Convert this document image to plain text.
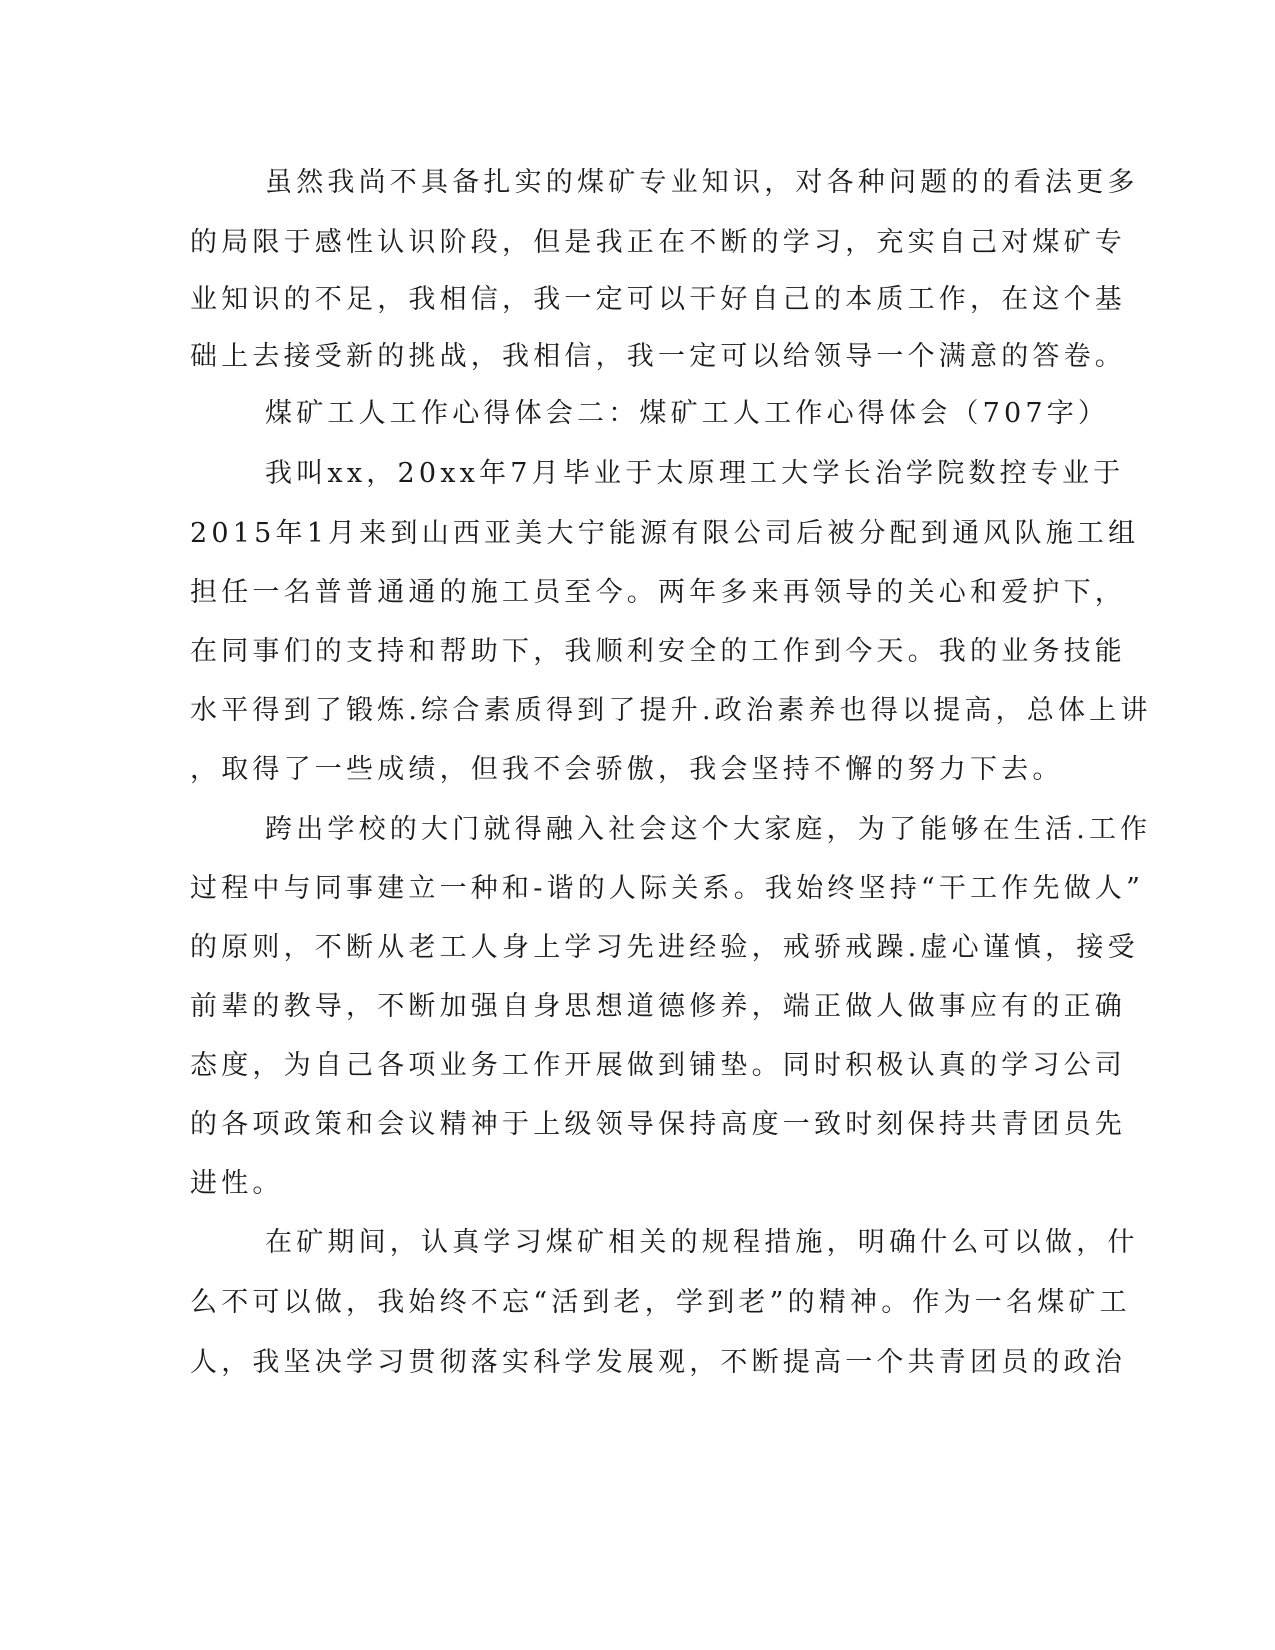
虽然我尚不具备扎实的煤矿专业知识，对各种问题的的看法更多

的局限于感性认识阶段，但是我正在不断的学习，充实自己对煤矿专

业知识的不足，我相信，我一定可以干好自己的本质工作，在这个基

础上去接受新的挑战，我相信，我一定可以给领导一个满意的答卷。

煤矿工人工作心得体会二：煤矿工人工作心得体会（707字）

我叫xx，20xx年7月毕业于太原理工大学长治学院数控专业于

2015年1月来到山西亚美大宁能源有限公司后被分配到通风队施工组

担任一名普普通通的施工员至今。两年多来再领导的关心和爱护下，

在同事们的支持和帮助下，我顺利安全的工作到今天。我的业务技能

水平得到了锻炼.综合素质得到了提升.政治素养也得以提高，总体上讲

，取得了一些成绩，但我不会骄傲，我会坚持不懈的努力下去。

跨出学校的大门就得融入社会这个大家庭，为了能够在生活.工作

过程中与同事建立一种和-谐的人际关系。我始终坚持“干工作先做人”

的原则，不断从老工人身上学习先进经验，戒骄戒躁.虚心谨慎，接受

前辈的教导，不断加强自身思想道德修养，端正做人做事应有的正确

态度，为自己各项业务工作开展做到铺垫。同时积极认真的学习公司

的各项政策和会议精神于上级领导保持高度一致时刻保持共青团员先

进性。

在矿期间，认真学习煤矿相关的规程措施，明确什么可以做，什

么不可以做，我始终不忘“活到老，学到老”的精神。作为一名煤矿工

人，我坚决学习贯彻落实科学发展观，不断提高一个共青团员的政治
